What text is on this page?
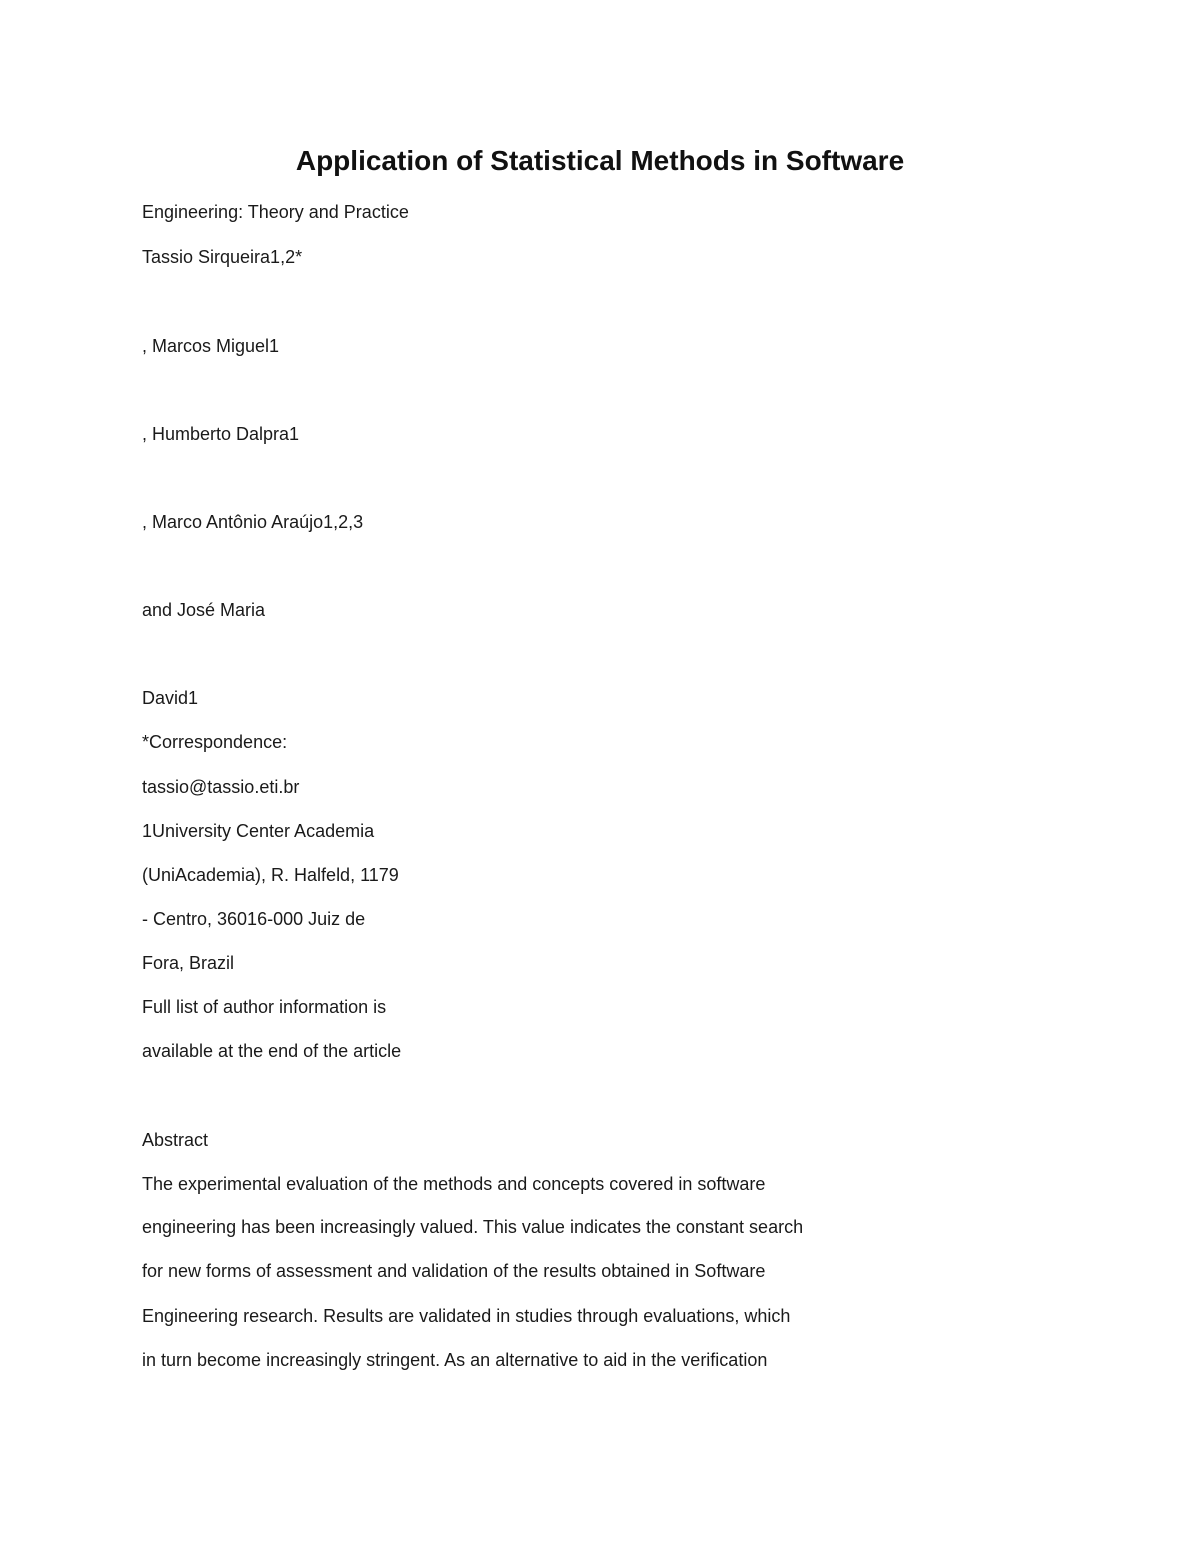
Application of Statistical Methods in Software

Engineering: Theory and Practice

Tassio Sirqueira1,2*

, Marcos Miguel1

, Humberto Dalpra1

, Marco Antônio Araújo1,2,3

and José Maria

David1

*Correspondence:

tassio@tassio.eti.br

1University Center Academia

(UniAcademia), R. Halfeld, 1179

- Centro, 36016-000 Juiz de

Fora, Brazil

Full list of author information is

available at the end of the article

Abstract

The experimental evaluation of the methods and concepts covered in software

engineering has been increasingly valued. This value indicates the constant search

for new forms of assessment and validation of the results obtained in Software

Engineering research. Results are validated in studies through evaluations, which

in turn become increasingly stringent. As an alternative to aid in the verification
